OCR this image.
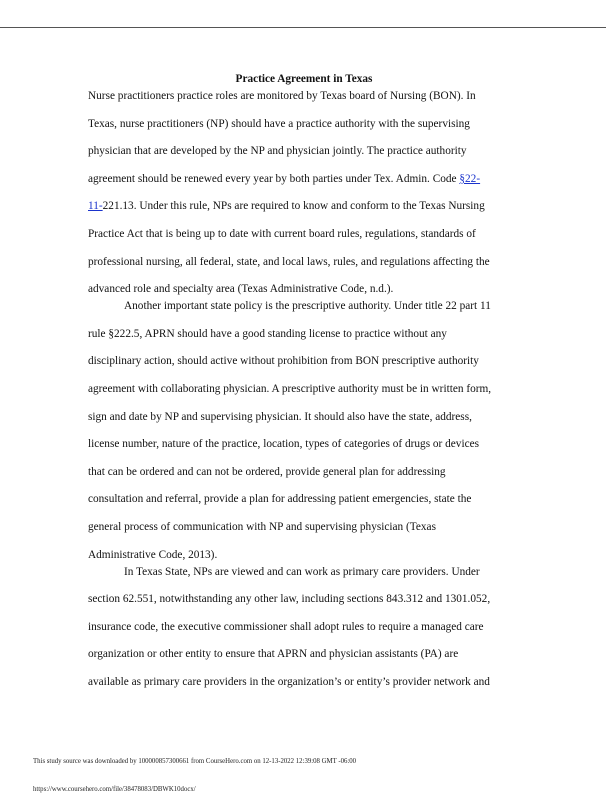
Practice Agreement in Texas

Nurse practitioners practice roles are monitored by Texas board of Nursing (BON). In
Texas, nurse practitioners (NP) should have a practice authority with the supervising
physician that are developed by the NP and physician jointly. The practice authority
agreement should be renewed every year by both parties under Tex. Admin. Code §22-
11-221.13. Under this rule, NPs are required to know and conform to the Texas Nursing
Practice Act that is being up to date with current board rules, regulations, standards of
professional nursing, all federal, state, and local laws, rules, and regulations affecting the
advanced role and specialty area (Texas Administrative Code, n.d.).

Another important state policy is the prescriptive authority. Under title 22 part 11
rule §222.5, APRN should have a good standing license to practice without any
disciplinary action, should active without prohibition from BON prescriptive authority
agreement with collaborating physician. A prescriptive authority must be in written form,
sign and date by NP and supervising physician. It should also have the state, address,
license number, nature of the practice, location, types of categories of drugs or devices
that can be ordered and can not be ordered, provide general plan for addressing
consultation and referral, provide a plan for addressing patient emergencies, state the
general process of communication with NP and supervising physician (Texas
Administrative Code, 2013).

In Texas State, NPs are viewed and can work as primary care providers. Under
section 62.551, notwithstanding any other law, including sections 843.312 and 1301.052,
insurance code, the executive commissioner shall adopt rules to require a managed care
organization or other entity to ensure that APRN and physician assistants (PA) are
available as primary care providers in the organization’s or entity’s provider network and

This study source was downloaded by 100000857300661 from CourseHero.com on 12-13-2022 12:39:08 GMT -06:00
https://www.coursehero.com/file/38478083/DBWK10docx/
